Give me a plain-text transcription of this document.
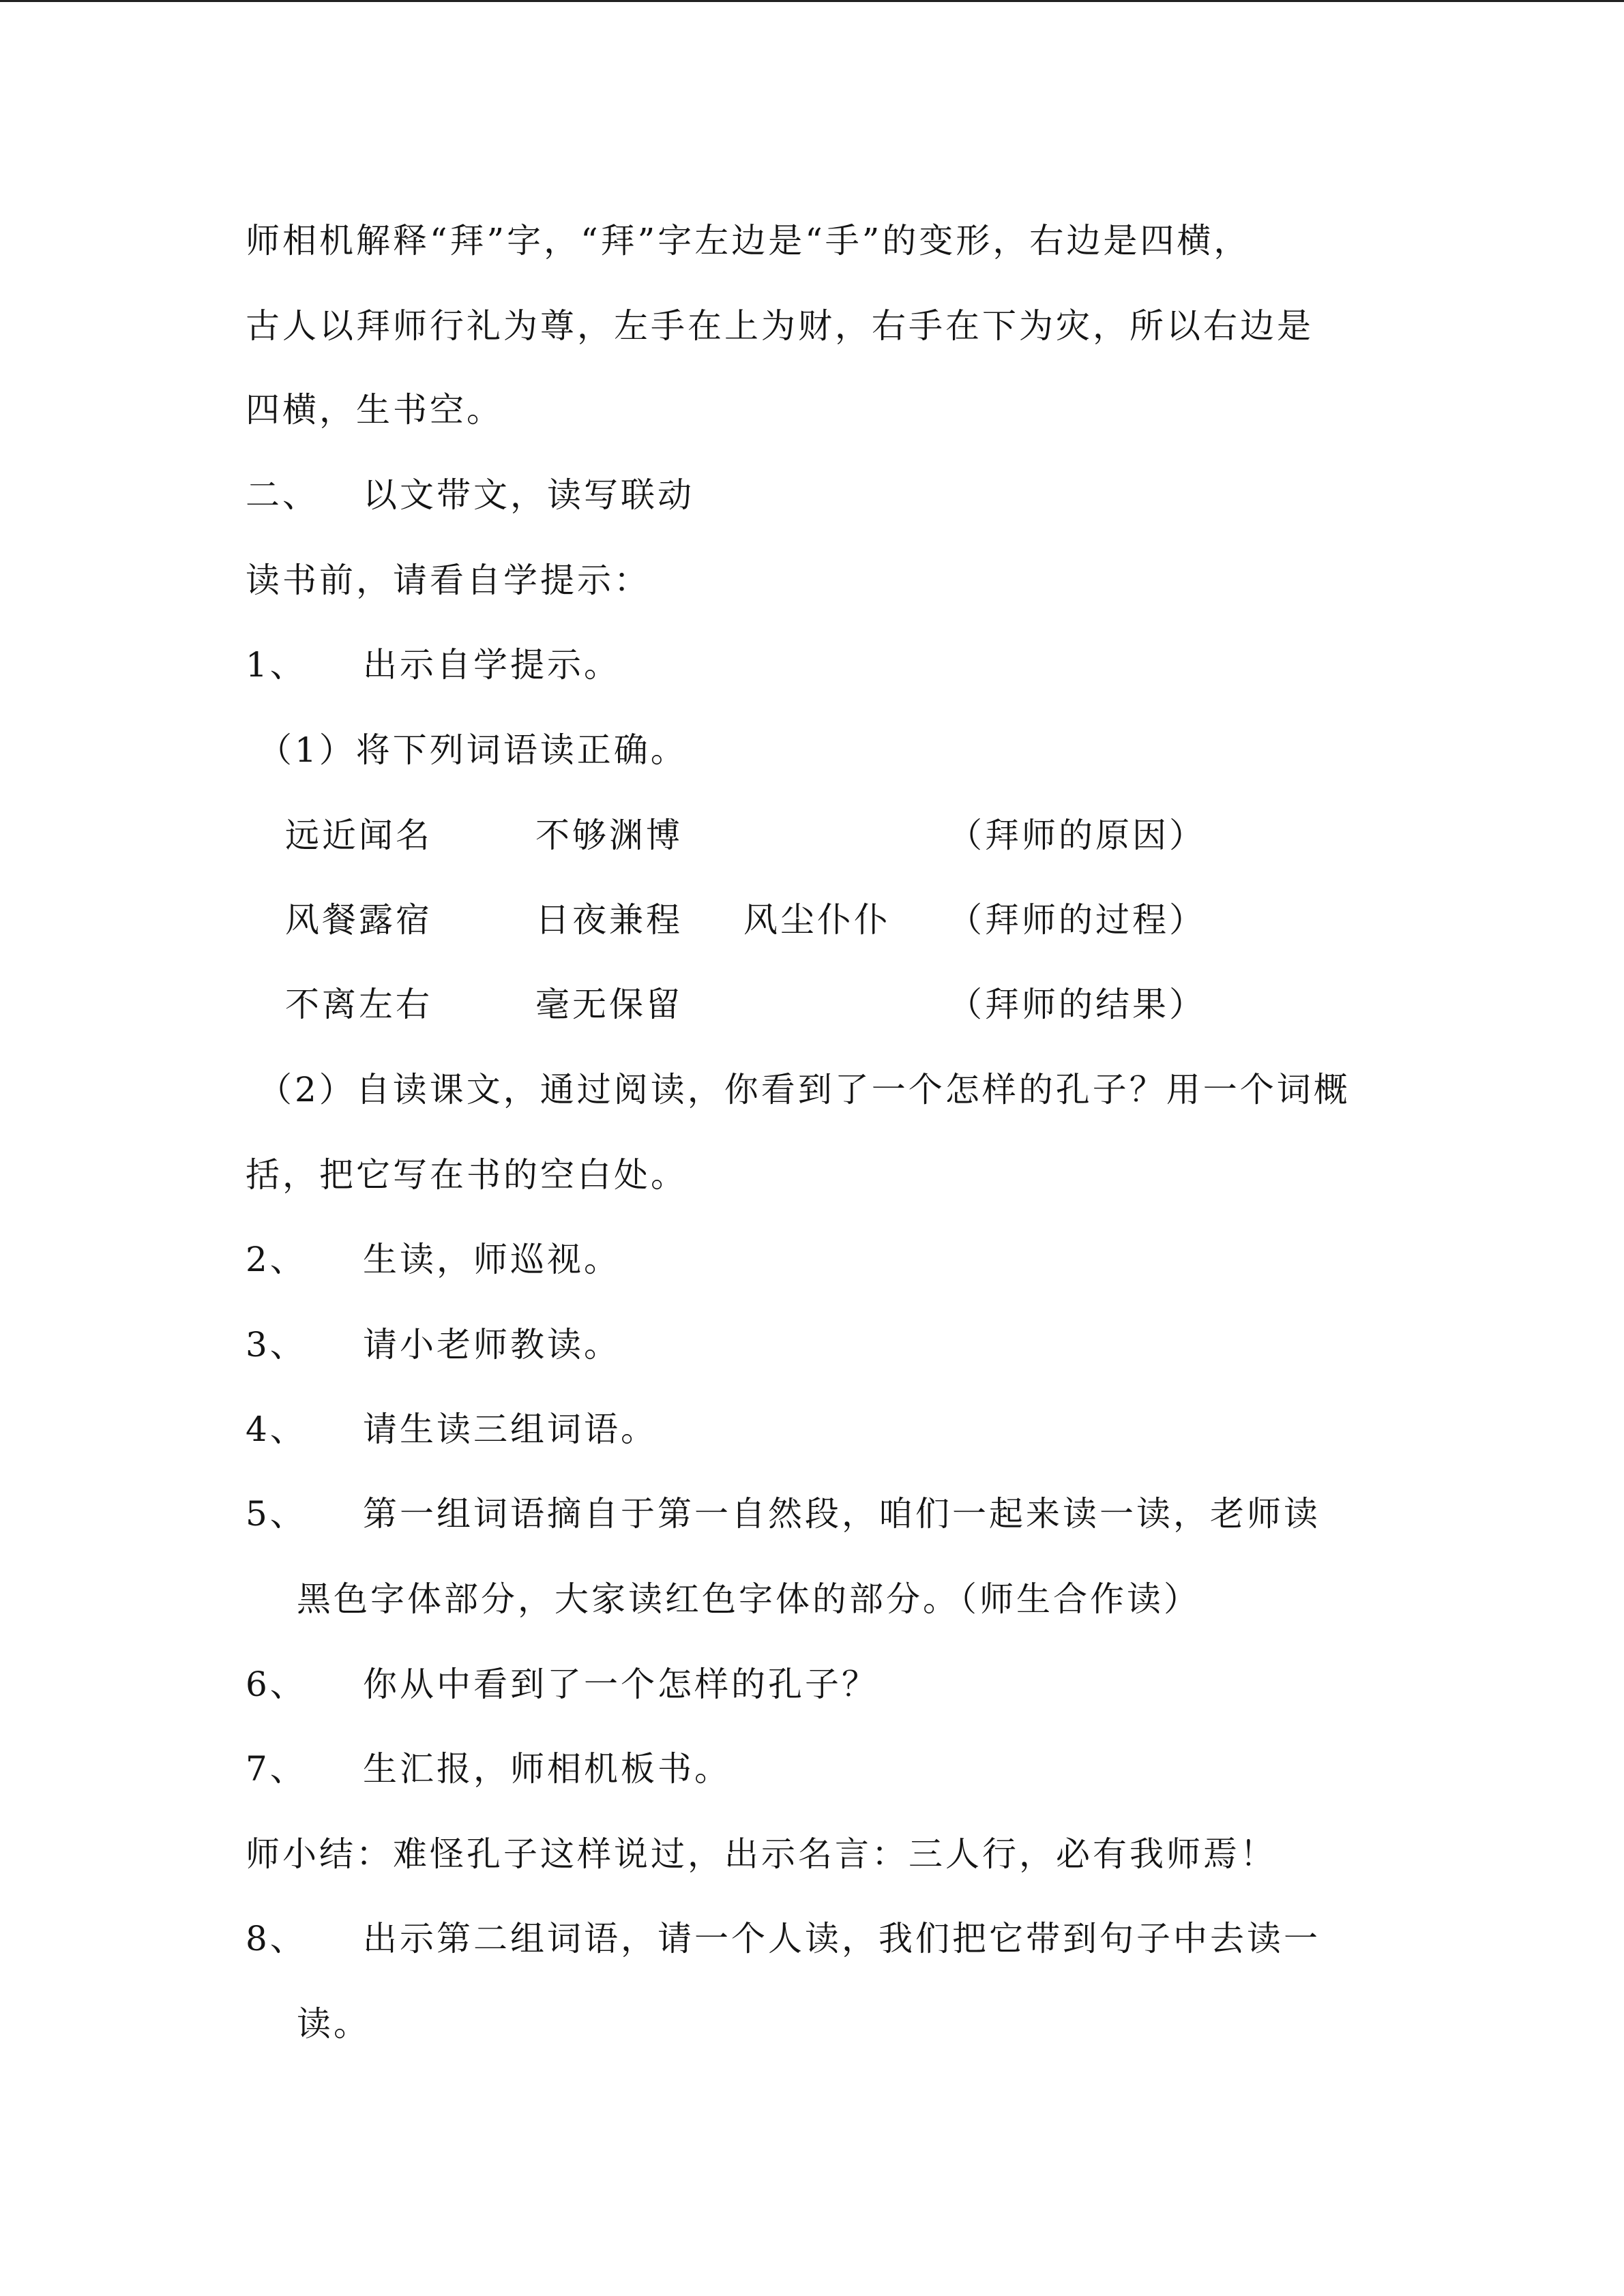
师相机解释“拜”字，“拜”字左边是“手”的变形，右边是四横，
古人以拜师行礼为尊，左手在上为财，右手在下为灾，所以右边是
四横，生书空。
二、 以文带文，读写联动
读书前，请看自学提示：
1、 出示自学提示。
（1）将下列词语读正确。
远近闻名	不够渊博	（拜师的原因）
风餐露宿	日夜兼程 风尘仆仆 （拜师的过程）
不离左右	毫无保留	（拜师的结果）
（2）自读课文，通过阅读，你看到了一个怎样的孔子？用一个词概
括，把它写在书的空白处。
2、 生读，师巡视。
3、 请小老师教读。
4、 请生读三组词语。
5、 第一组词语摘自于第一自然段，咱们一起来读一读，老师读
黑色字体部分，大家读红色字体的部分。（师生合作读）
6、 你从中看到了一个怎样的孔子？
7、 生汇报，师相机板书。
师小结：难怪孔子这样说过，出示名言：三人行，必有我师焉！
8、 出示第二组词语，请一个人读，我们把它带到句子中去读一
读。
